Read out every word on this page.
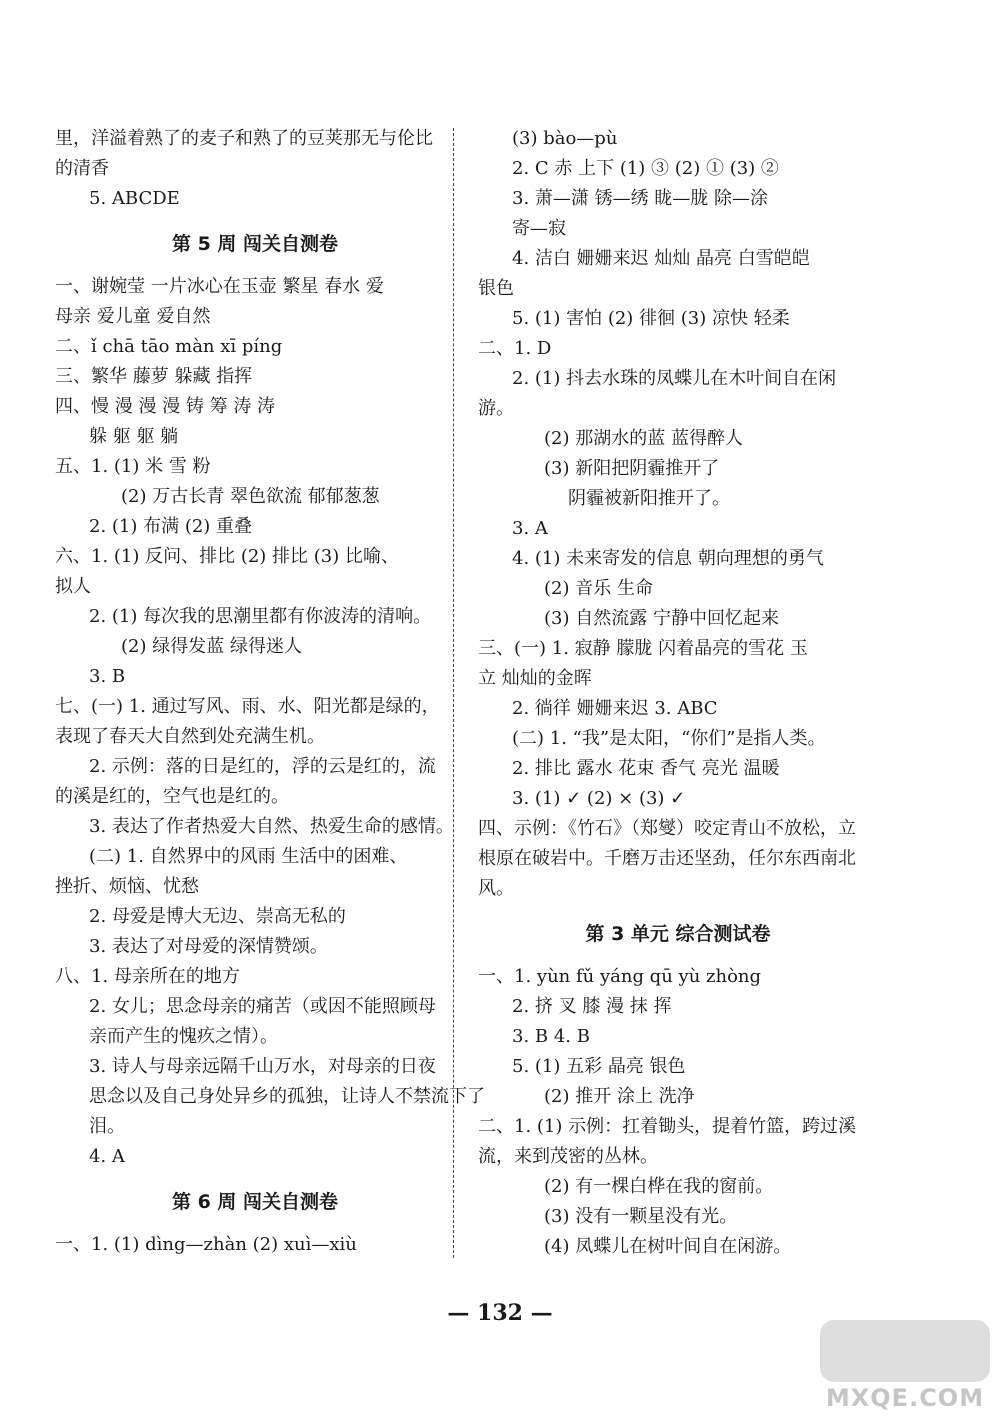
里，洋溢着熟了的麦子和熟了的豆荚那无与伦比
的清香
5. ABCDE
第 5 周 闯关自测卷
一、谢婉莹 一片冰心在玉壶 繁星 春水 爱
母亲 爱儿童 爱自然
二、ǐ chā tāo màn xī píng
三、繁华 藤萝 躲藏 指挥
四、慢 漫 漫 漫 铸 筹 涛 涛
躲 躯 躯 躺
五、1. (1) 米 雪 粉
(2) 万古长青 翠色欲流 郁郁葱葱
2. (1) 布满 (2) 重叠
六、1. (1) 反问、排比 (2) 排比 (3) 比喻、
拟人
2. (1) 每次我的思潮里都有你波涛的清响。
(2) 绿得发蓝 绿得迷人
3. B
七、(一) 1. 通过写风、雨、水、阳光都是绿的，
表现了春天大自然到处充满生机。
2. 示例：落的日是红的，浮的云是红的，流
的溪是红的，空气也是红的。
3. 表达了作者热爱大自然、热爱生命的感情。
(二) 1. 自然界中的风雨 生活中的困难、
挫折、烦恼、忧愁
2. 母爱是博大无边、崇高无私的
3. 表达了对母爱的深情赞颂。
八、1. 母亲所在的地方
2. 女儿；思念母亲的痛苦（或因不能照顾母
亲而产生的愧疚之情）。
3. 诗人与母亲远隔千山万水，对母亲的日夜
思念以及自己身处异乡的孤独，让诗人不禁流下了
泪。
4. A
第 6 周 闯关自测卷
一、1. (1) dìng—zhàn (2) xuì—xiù
(3) bào—pù
2. C 赤 上下 (1) ③ (2) ① (3) ②
3. 萧—潇 锈—绣 眬—胧 除—涂
寄—寂
4. 洁白 姗姗来迟 灿灿 晶亮 白雪皑皑
银色
5. (1) 害怕 (2) 徘徊 (3) 凉快 轻柔
二、1. D
2. (1) 抖去水珠的凤蝶儿在木叶间自在闲
游。
(2) 那湖水的蓝 蓝得醉人
(3) 新阳把阴霾推开了
阴霾被新阳推开了。
3. A
4. (1) 未来寄发的信息 朝向理想的勇气
(2) 音乐 生命
(3) 自然流露 宁静中回忆起来
三、(一) 1. 寂静 朦胧 闪着晶亮的雪花 玉
立 灿灿的金晖
2. 徜徉 姗姗来迟 3. ABC
(二) 1. “我”是太阳，“你们”是指人类。
2. 排比 露水 花束 香气 亮光 温暖
3. (1) ✓ (2) × (3) ✓
四、示例：《竹石》（郑燮）咬定青山不放松，立
根原在破岩中。千磨万击还坚劲，任尔东西南北
风。
第 3 单元 综合测试卷
一、1. yùn fǔ yáng qū yù zhòng
2. 挤 叉 膝 漫 抹 挥
3. B 4. B
5. (1) 五彩 晶亮 银色
(2) 推开 涂上 洗净
二、1. (1) 示例：扛着锄头，提着竹篮，跨过溪
流，来到茂密的丛林。
(2) 有一棵白桦在我的窗前。
(3) 没有一颗星没有光。
(4) 凤蝶儿在树叶间自在闲游。
— 132 —
MXQE.COM
